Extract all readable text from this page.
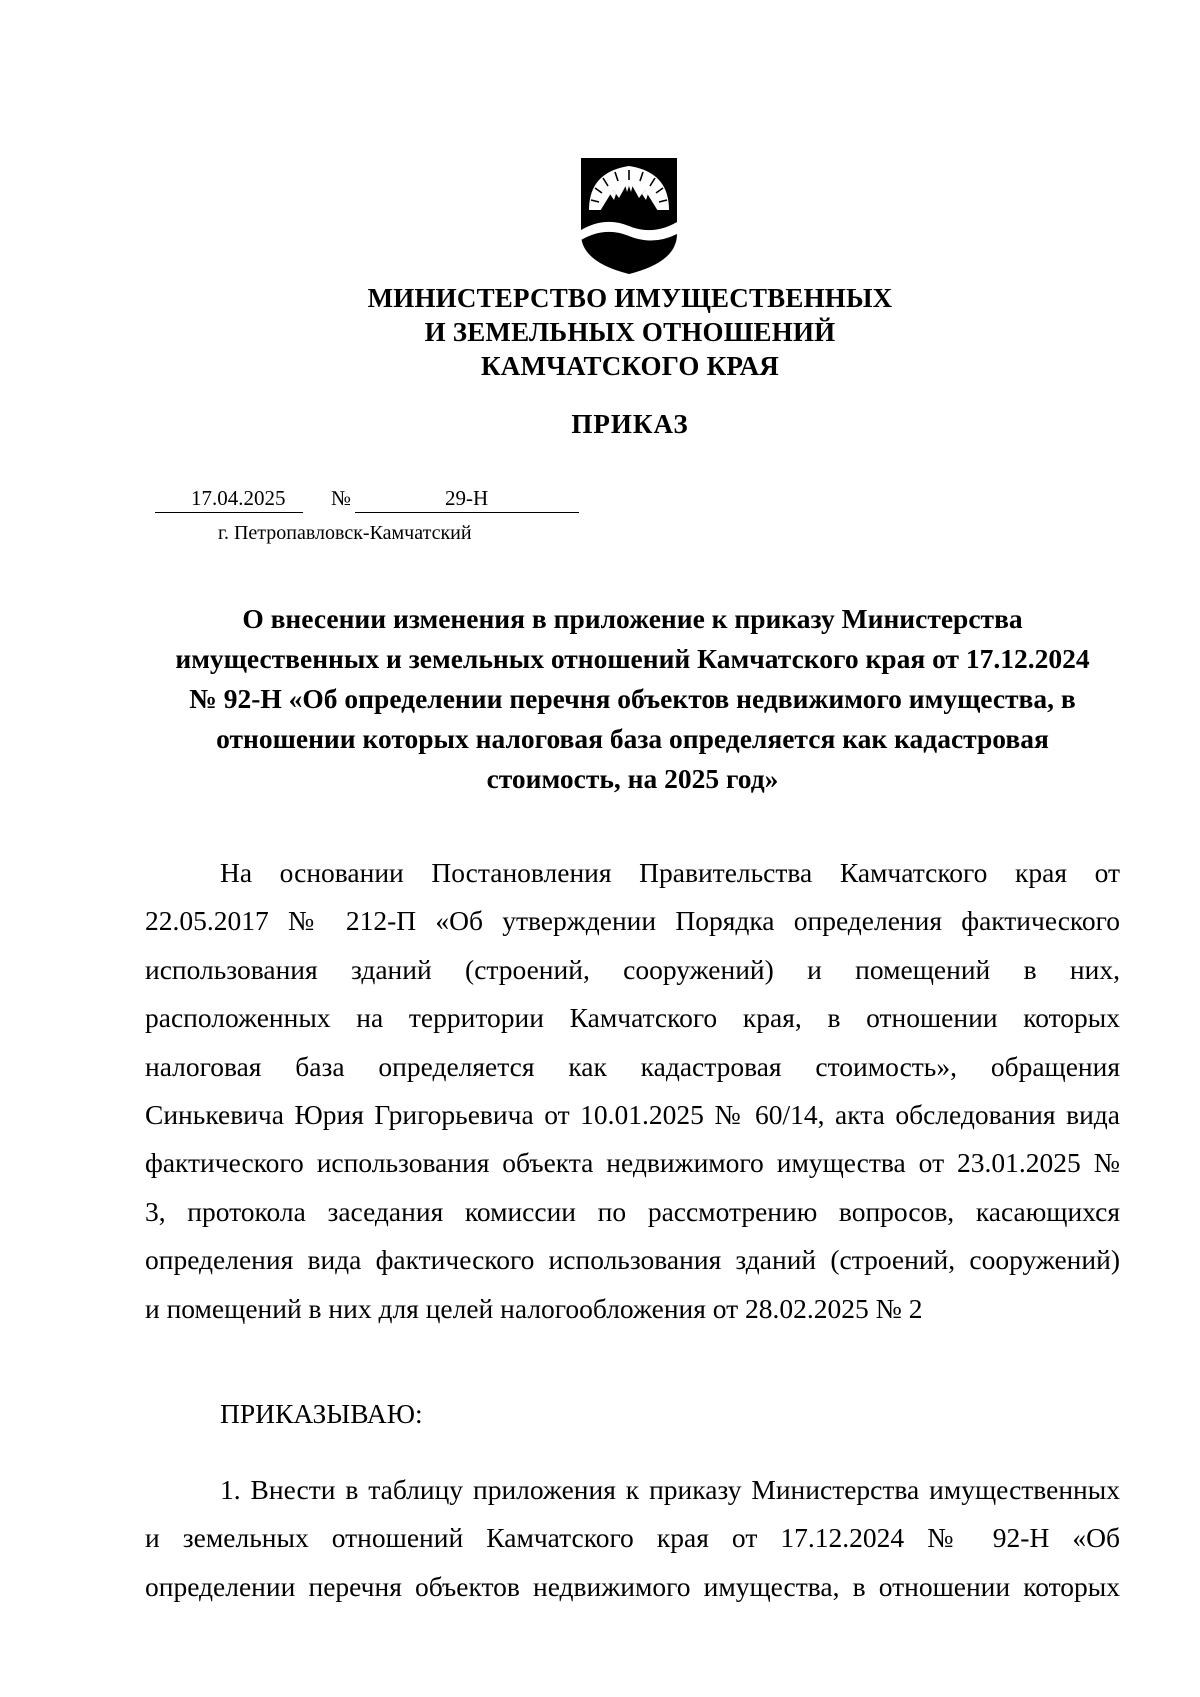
МИНИСТЕРСТВО ИМУЩЕСТВЕННЫХ
И ЗЕМЕЛЬНЫХ ОТНОШЕНИЙ
КАМЧАТСКОГО КРАЯ
ПРИКАЗ
17.04.2025 №	29-Н
г. Петропавловск-Камчатский
О внесении изменения в приложение к приказу Министерства
имущественных и земельных отношений Камчатского края от 17.12.2024
№ 92-Н «Об определении перечня объектов недвижимого имущества, в
отношении которых налоговая база определяется как кадастровая
стоимость, на 2025 год»
На основании Постановления Правительства Камчатского края от
22.05.2017 № 212-П «Об утверждении Порядка определения фактического
использования зданий (строений, сооружений) и помещений в них,
расположенных на территории Камчатского края, в отношении которых
налоговая база определяется как кадастровая стоимость», обращения
Синькевича Юрия Григорьевича от 10.01.2025 № 60/14, акта обследования вида
фактического использования объекта недвижимого имущества от 23.01.2025 №
3, протокола заседания комиссии по рассмотрению вопросов, касающихся
определения вида фактического использования зданий (строений, сооружений)
и помещений в них для целей налогообложения от 28.02.2025 № 2
ПРИКАЗЫВАЮ:
1. Внести в таблицу приложения к приказу Министерства имущественных
и земельных отношений Камчатского края от 17.12.2024 № 92-Н «Об
определении перечня объектов недвижимого имущества, в отношении которых
